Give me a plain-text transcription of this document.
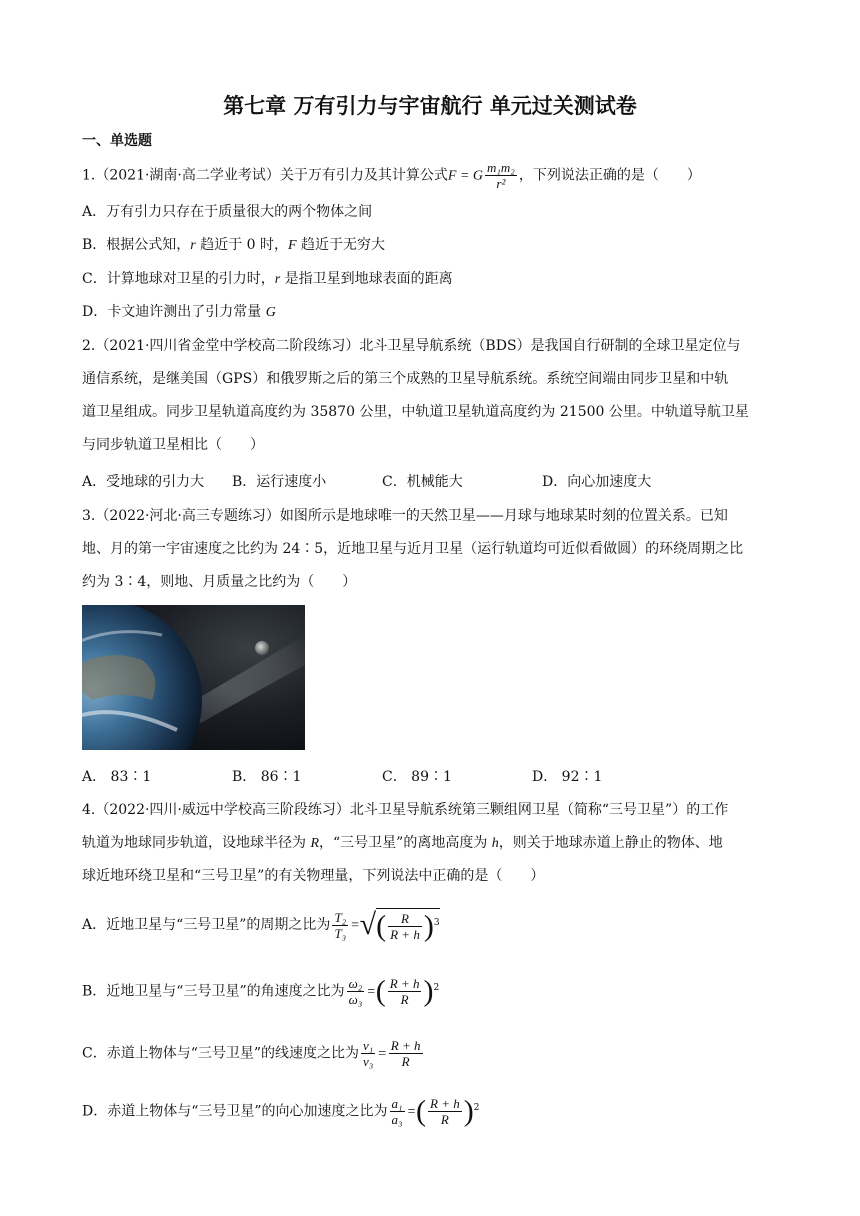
第七章 万有引力与宇宙航行 单元过关测试卷
一、单选题
1.（2021·湖南·高二学业考试）关于万有引力及其计算公式F = G $\frac{\text{m₁m₂}}{\text{r²}}$ ，下列说法正确的是（　　）
A．万有引力只存在于质量很大的两个物体之间
B．根据公式知，r 趋近于 0 时，F 趋近于无穷大
C．计算地球对卫星的引力时，r 是指卫星到地球表面的距离
D．卡文迪许测出了引力常量 G
2.（2021·四川省金堂中学校高二阶段练习）北斗卫星导航系统（BDS）是我国自行研制的全球卫星定位与
通信系统，是继美国（GPS）和俄罗斯之后的第三个成熟的卫星导航系统。系统空间端由同步卫星和中轨
道卫星组成。同步卫星轨道高度约为 35870 公里，中轨道卫星轨道高度约为 21500 公里。中轨道导航卫星
与同步轨道卫星相比（　　）
A．受地球的引力大 B．运行速度小	C．机械能大	D．向心加速度大
3.（2022·河北·高三专题练习）如图所示是地球唯一的天然卫星——月球与地球某时刻的位置关系。已知
地、月的第一宇宙速度之比约为 24∶5，近地卫星与近月卫星（运行轨道均可近似看做圆）的环绕周期之比
约为 3∶4，则地、月质量之比约为（　　）
A． 83∶1	B． 86∶1	C． 89∶1	D． 92∶1
4.（2022·四川·威远中学校高三阶段练习）北斗卫星导航系统第三颗组网卫星（简称“三号卫星”）的工作
轨道为地球同步轨道，设地球半径为 R，“三号卫星”的离地高度为 h，则关于地球赤道上静止的物体、地
球近地环绕卫星和“三号卫星”的有关物理量，下列说法中正确的是（　　）
A．近地卫星与“三号卫星”的周期之比为 $\frac{\text{T₂}}{\text{T₃}}$ =√( $\frac{R}{R + h} )^3$
B．近地卫星与“三号卫星”的角速度之比为 $\frac{\text{ω₂}}{\text{ω₃}}$ =( $\frac{R + h}{R} )^2$
C．赤道上物体与“三号卫星”的线速度之比为 $\frac{\text{v₁}}{\text{v₃}} = \frac{R + h}{R}$
D．赤道上物体与“三号卫星”的向心加速度之比为 $\frac{\text{a₁}}{\text{a₃}}$ =( $\frac{R + h}{R} )^2$
